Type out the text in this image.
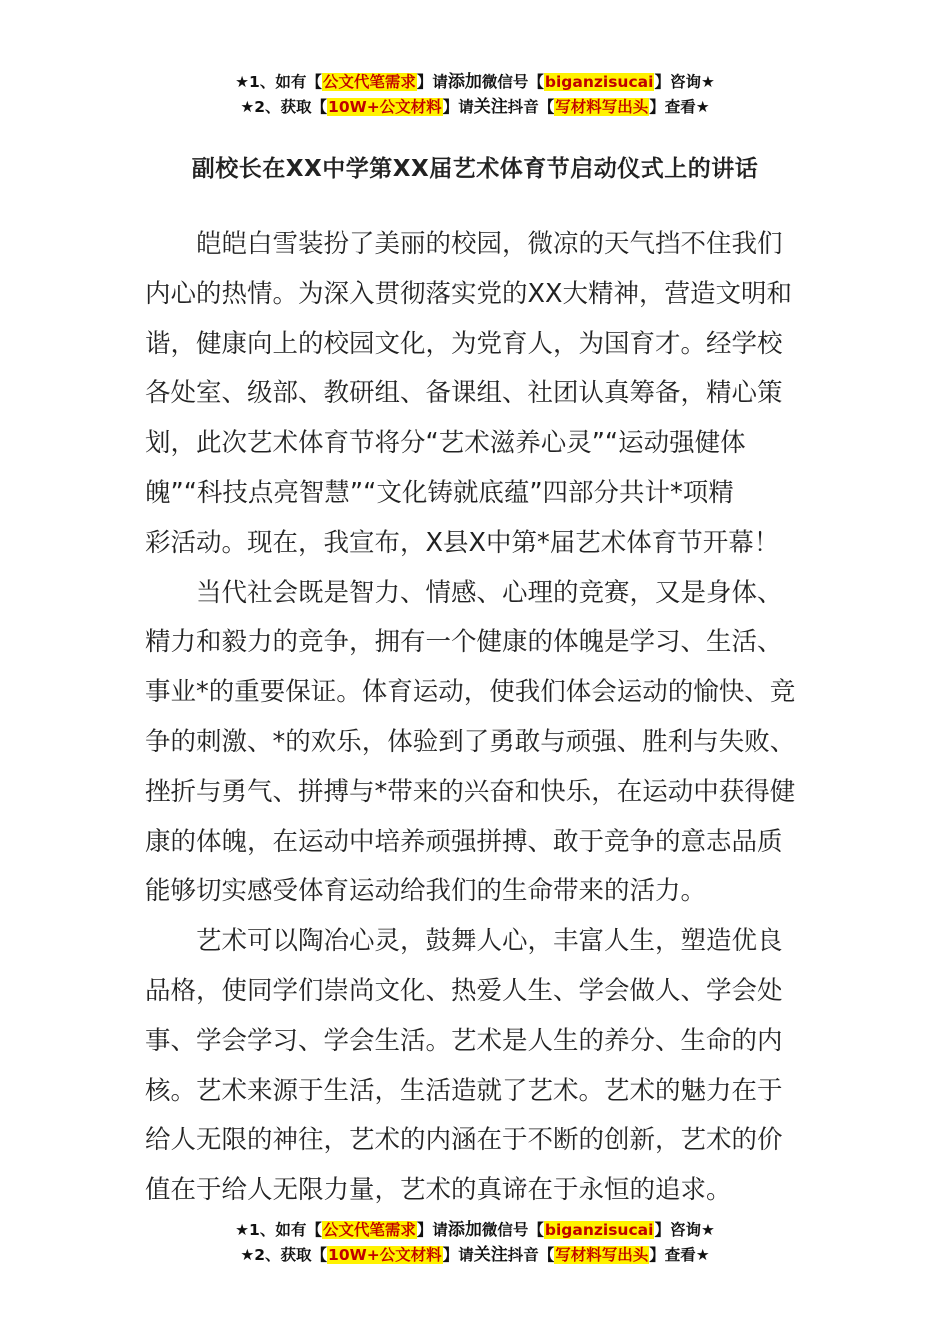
★1、如有【公文代笔需求】请添加微信号【biganzisucai】咨询★
★2、获取【10W+公文材料】请关注抖音【写材料写出头】查看★
副校长在XX中学第XX届艺术体育节启动仪式上的讲话

皑皑白雪装扮了美丽的校园，微凉的天气挡不住我们
内心的热情。为深入贯彻落实党的XX大精神，营造文明和
谐，健康向上的校园文化，为党育人，为国育才。经学校
各处室、级部、教研组、备课组、社团认真筹备，精心策
划，此次艺术体育节将分“艺术滋养心灵”“运动强健体
魄”“科技点亮智慧”“文化铸就底蕴”四部分共计*项精
彩活动。现在，我宣布，X县X中第*届艺术体育节开幕！

当代社会既是智力、情感、心理的竞赛，又是身体、
精力和毅力的竞争，拥有一个健康的体魄是学习、生活、
事业*的重要保证。体育运动，使我们体会运动的愉快、竞
争的刺激、*的欢乐，体验到了勇敢与顽强、胜利与失败、
挫折与勇气、拼搏与*带来的兴奋和快乐，在运动中获得健
康的体魄，在运动中培养顽强拼搏、敢于竞争的意志品质
能够切实感受体育运动给我们的生命带来的活力。

艺术可以陶冶心灵，鼓舞人心，丰富人生，塑造优良
品格，使同学们崇尚文化、热爱人生、学会做人、学会处
事、学会学习、学会生活。艺术是人生的养分、生命的内
核。艺术来源于生活，生活造就了艺术。艺术的魅力在于
给人无限的神往，艺术的内涵在于不断的创新，艺术的价
值在于给人无限力量，艺术的真谛在于永恒的追求。

★1、如有【公文代笔需求】请添加微信号【biganzisucai】咨询★
★2、获取【10W+公文材料】请关注抖音【写材料写出头】查看★
